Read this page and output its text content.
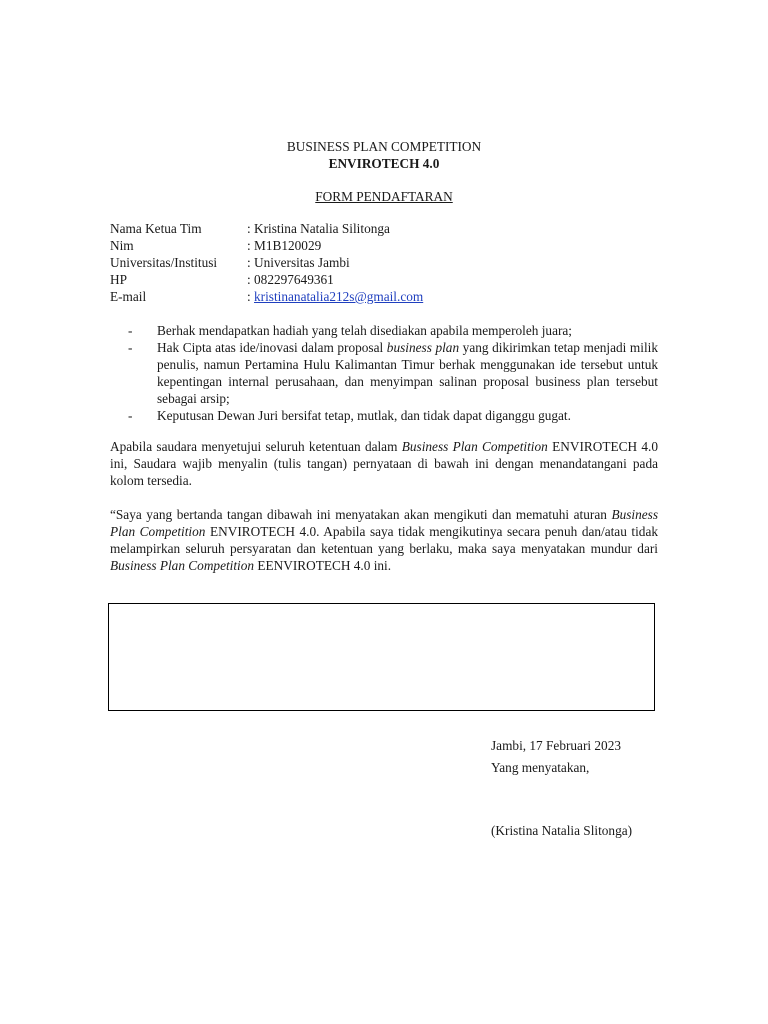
BUSINESS PLAN COMPETITION
ENVIROTECH 4.0
FORM PENDAFTARAN
Nama Ketua Tim	: Kristina Natalia Silitonga
Nim	: M1B120029
Universitas/Institusi	: Universitas Jambi
HP	: 082297649361
E-mail	: kristinanatalia212s@gmail.com
-	Berhak mendapatkan hadiah yang telah disediakan apabila memperoleh juara;
-	Hak Cipta atas ide/inovasi dalam proposal business plan yang dikirimkan tetap menjadi milik penulis, namun Pertamina Hulu Kalimantan Timur berhak menggunakan ide tersebut untuk kepentingan internal perusahaan, dan menyimpan salinan proposal business plan tersebut sebagai arsip;
-	Keputusan Dewan Juri bersifat tetap, mutlak, dan tidak dapat diganggu gugat.
Apabila saudara menyetujui seluruh ketentuan dalam Business Plan Competition ENVIROTECH 4.0 ini, Saudara wajib menyalin (tulis tangan) pernyataan di bawah ini dengan menandatangani pada kolom tersedia.
“Saya yang bertanda tangan dibawah ini menyatakan akan mengikuti dan mematuhi aturan Business Plan Competition ENVIROTECH 4.0. Apabila saya tidak mengikutinya secara penuh dan/atau tidak melampirkan seluruh persyaratan dan ketentuan yang berlaku, maka saya menyatakan mundur dari Business Plan Competition EENVIROTECH 4.0 ini.
Jambi, 17 Februari 2023
Yang menyatakan,
(Kristina Natalia Slitonga)
